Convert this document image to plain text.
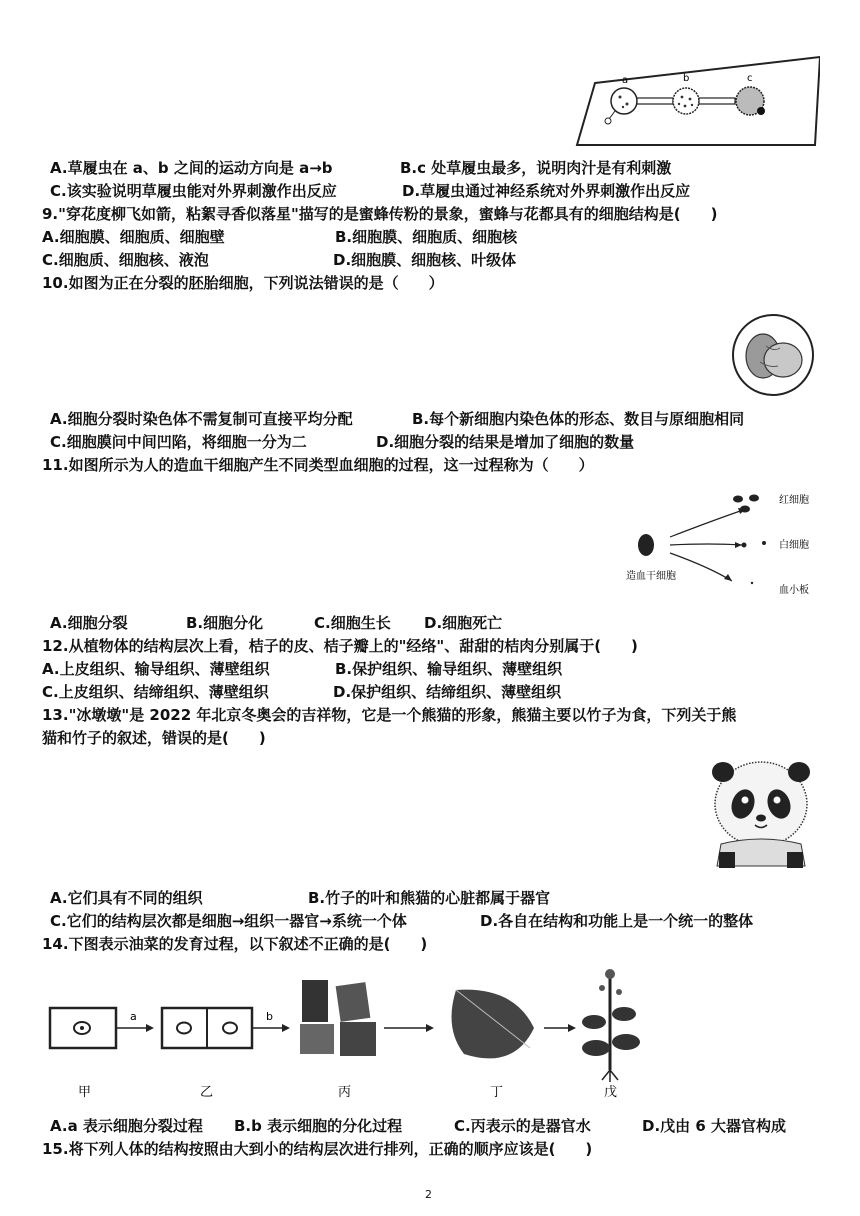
a	b	c
A.草履虫在 a、b 之间的运动方向是 a→b	B.c 处草履虫最多，说明肉汁是有利刺激
C.该实验说明草履虫能对外界刺激作出反应	D.草履虫通过神经系统对外界刺激作出反应
9."穿花度柳飞如箭，粘絮寻香似落星"描写的是蜜蜂传粉的景象，蜜蜂与花都具有的细胞结构是(　　)
A.细胞膜、细胞质、细胞壁	B.细胞膜、细胞质、细胞核
C.细胞质、细胞核、液泡	D.细胞膜、细胞核、叶级体
10.如图为正在分裂的胚胎细胞，下列说法错误的是（　　）
A.细胞分裂时染色体不需复制可直接平均分配	B.每个新细胞内染色体的形态、数目与原细胞相同
C.细胞膜问中间凹陷，将细胞一分为二	D.细胞分裂的结果是增加了细胞的数量
11.如图所示为人的造血干细胞产生不同类型血细胞的过程，这一过程称为（　　）
红细胞
白细胞
血小板
造血干细胞
A.细胞分裂	B.细胞分化	C.细胞生长 D.细胞死亡
12.从植物体的结构层次上看，桔子的皮、桔子瓣上的"经络"、甜甜的桔肉分别属于(　　)
A.上皮组织、输导组织、薄壁组织	B.保护组织、输导组织、薄壁组织
C.上皮组织、结缔组织、薄壁组织	D.保护组织、结缔组织、薄壁组织
13."冰墩墩"是 2022 年北京冬奥会的吉祥物，它是一个熊猫的形象，熊猫主要以竹子为食，下列关于熊
猫和竹子的叙述，错误的是(　　)
A.它们具有不同的组织	B.竹子的叶和熊猫的心脏都属于器官
C.它们的结构层次都是细胞→组织一器官→系统一个体	D.各自在结构和功能上是一个统一的整体
14.下图表示油菜的发育过程，以下叙述不正确的是(　　)
a	b
甲	乙	丙	丁	戊
A.a 表示细胞分裂过程 B.b 表示细胞的分化过程	C.丙表示的是器官水	D.戊由 6 大器官构成
15.将下列人体的结构按照由大到小的结构层次进行排列，正确的顺序应该是(　　)
2
